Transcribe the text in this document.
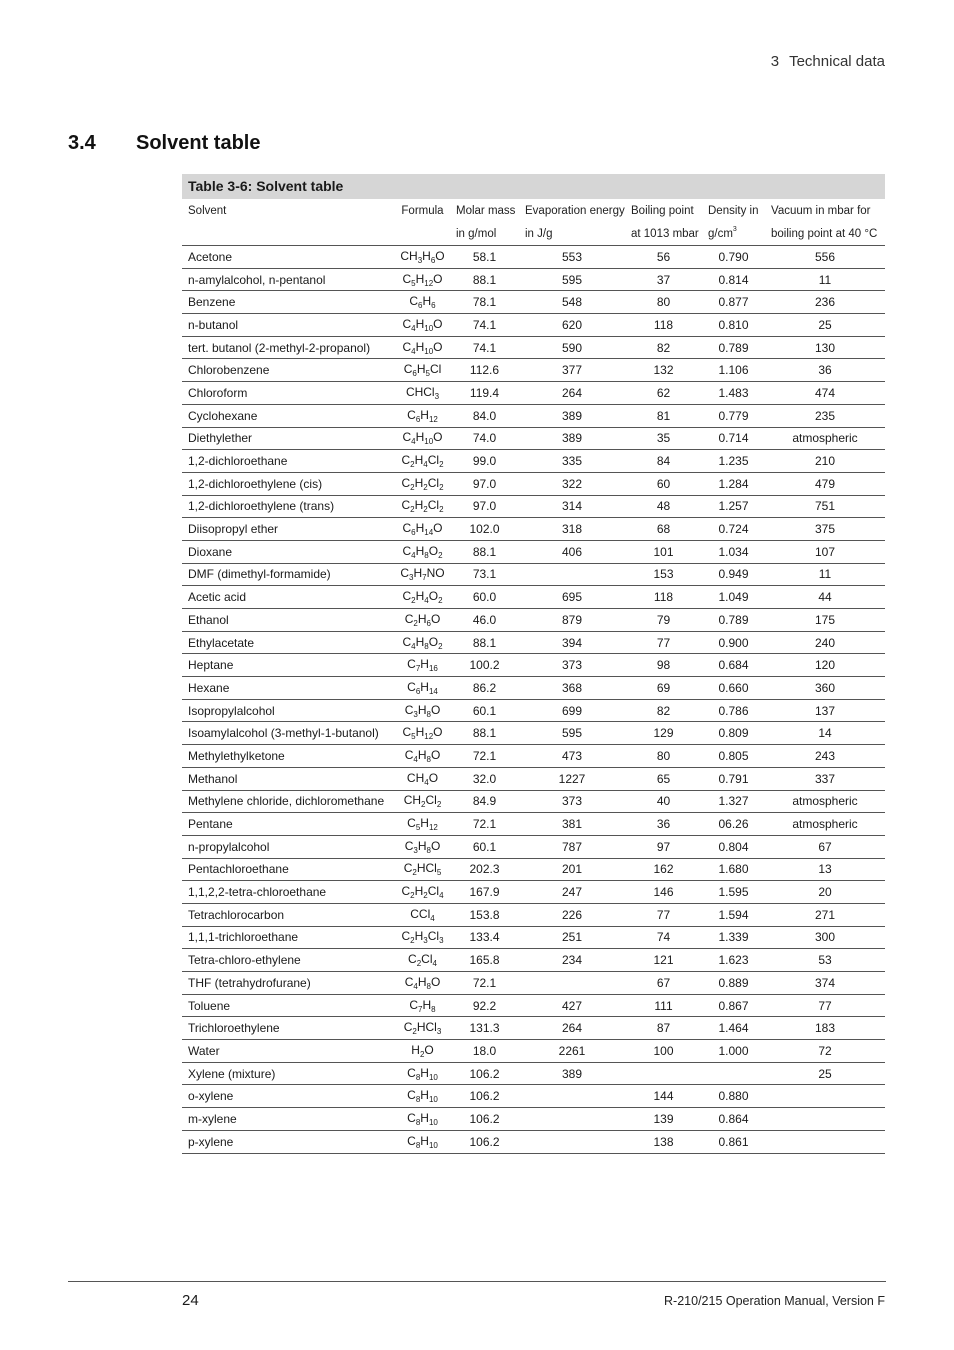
3 Technical data
3.4 Solvent table
Table 3-6: Solvent table
Solvent	Formula	Molar mass	Evaporation energy	Boiling point	Density in	Vacuum in mbar for
		in g/mol	in J/g	at 1013 mbar	$g/cm^3$	boiling point at 40 °C
Acetone	$CH_3H_6O$	58.1	553	56	0.790	556
n-amylalcohol, n-pentanol	$C_5H_{12}O$	88.1	595	37	0.814	11
Benzene	$C_6H_6$	78.1	548	80	0.877	236
n-butanol	$C_4H_{10}O$	74.1	620	118	0.810	25
tert. butanol (2-methyl-2-propanol)	$C_4H_{10}O$	74.1	590	82	0.789	130
Chlorobenzene	$C_6H_5Cl$	112.6	377	132	1.106	36
Chloroform	CHCl$_3$	119.4	264	62	1.483	474
Cyclohexane	$C_6H_{12}$	84.0	389	81	0.779	235
Diethylether	$C_4H_{10}O$	74.0	389	35	0.714	atmospheric
1,2-dichloroethane	$C_2H_4Cl_2$	99.0	335	84	1.235	210
1,2-dichloroethylene (cis)	$C_2H_2Cl_2$	97.0	322	60	1.284	479
1,2-dichloroethylene (trans)	$C_2H_2Cl_2$	97.0	314	48	1.257	751
Diisopropyl ether	$C_6H_{14}O$	102.0	318	68	0.724	375
Dioxane	$C_4H_8O_2$	88.1	406	101	1.034	107
DMF (dimethyl-formamide)	$C_3H_7NO$	73.1		153	0.949	11
Acetic acid	$C_2H_4O_2$	60.0	695	118	1.049	44
Ethanol	$C_2H_6O$	46.0	879	79	0.789	175
Ethylacetate	$C_4H_8O_2$	88.1	394	77	0.900	240
Heptane	$C_7H_{16}$	100.2	373	98	0.684	120
Hexane	$C_6H_{14}$	86.2	368	69	0.660	360
Isopropylalcohol	$C_3H_8O$	60.1	699	82	0.786	137
Isoamylalcohol (3-methyl-1-butanol)	$C_5H_{12}O$	88.1	595	129	0.809	14
Methylethylketone	$C_4H_8O$	72.1	473	80	0.805	243
Methanol	$CH_4O$	32.0	1227	65	0.791	337
Methylene chloride, dichloromethane	$CH_2Cl_2$	84.9	373	40	1.327	atmospheric
Pentane	$C_5H_{12}$	72.1	381	36	06.26	atmospheric
n-propylalcohol	$C_3H_8O$	60.1	787	97	0.804	67
Pentachloroethane	$C_2HCl_5$	202.3	201	162	1.680	13
1,1,2,2-tetra-chloroethane	$C_2H_2Cl_4$	167.9	247	146	1.595	20
Tetrachlorocarbon	CCl$_4$	153.8	226	77	1.594	271
1,1,1-trichloroethane	$C_2H_3Cl_3$	133.4	251	74	1.339	300
Tetra-chloro-ethylene	$C_2Cl_4$	165.8	234	121	1.623	53
THF (tetrahydrofurane)	$C_4H_8O$	72.1		67	0.889	374
Toluene	$C_7H_8$	92.2	427	111	0.867	77
Trichloroethylene	$C_2HCl_3$	131.3	264	87	1.464	183
Water	$H_2O$	18.0	2261	100	1.000	72
Xylene (mixture)	$C_8H_{10}$	106.2	389			25
o-xylene	$C_8H_{10}$	106.2		144	0.880	
m-xylene	$C_8H_{10}$	106.2		139	0.864	
p-xylene	$C_8H_{10}$	106.2		138	0.861	
24	R-210/215 Operation Manual, Version F
